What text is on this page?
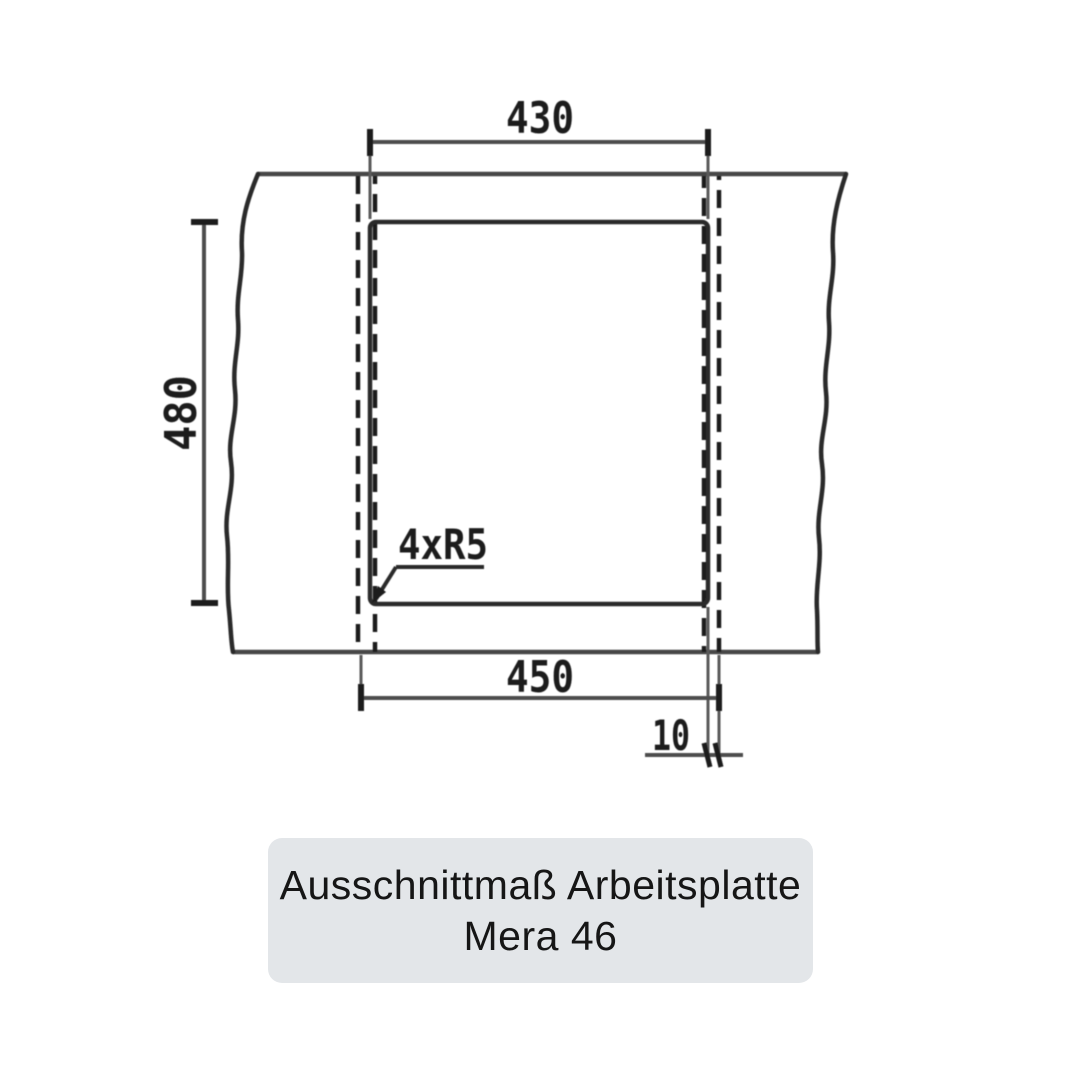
430
450
480
10
4xR5
Ausschnittmaß Arbeitsplatte
Mera 46
